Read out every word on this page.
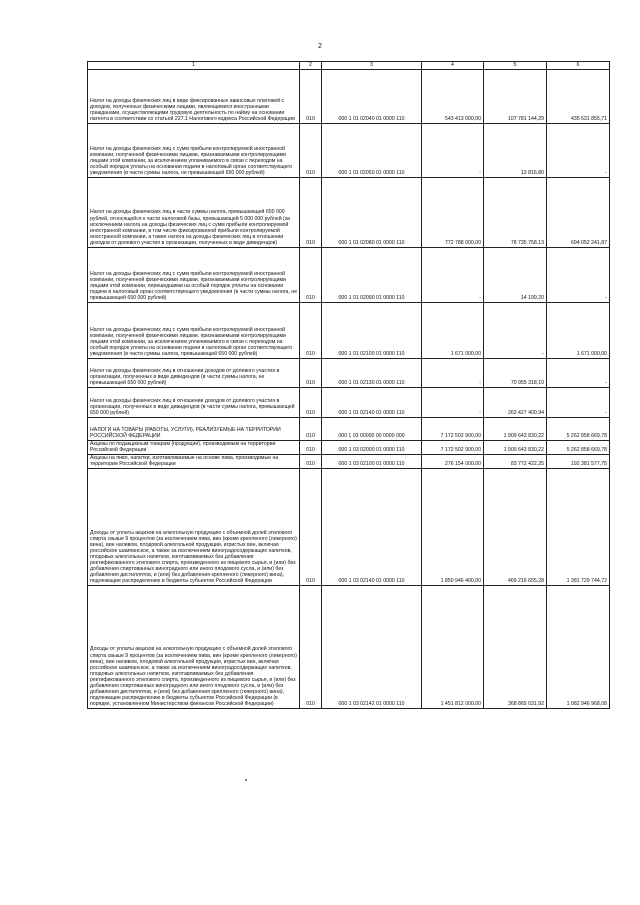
2
1	2	3	4	5	6
Налог на доходы физических лиц в виде фиксированных авансовых платежей с доходов, полученных физическими лицами, являющимися иностранными гражданами, осуществляющими трудовую деятельность по найму на основании патента в соответствии со статьей 227.1 Налогового кодекса Российской Федерации	010	000 1 01 02040 01 0000 110	543 413 000,00	107 781 144,29	435 631 855,71
Налог на доходы физических лиц с сумм прибыли контролируемой иностранной компании, полученной физическими лицами, признаваемыми контролирующими лицами этой компании, за исключением уплачиваемого в связи с переходом на особый порядок уплаты на основании подачи в налоговый орган соответствующего уведомления (в части суммы налога, не превышающей 650 000 рублей)	010	000 1 01 02050 01 0000 110	-	13 816,80	-
Налог на доходы физических лиц в части суммы налога, превышающей 650 000 рублей, относящейся к части налоговой базы, превышающей 5 000 000 рублей (за исключением налога на доходы физических лиц с сумм прибыли контролируемой иностранной компании, в том числе фиксированной прибыли контролируемой иностранной компании, а также налога на доходы физических лиц в отношении доходов от долевого участия в организации, полученных в виде дивидендов)	010	000 1 01 02080 01 0000 110	772 788 000,00	78 735 758,13	694 052 241,87
Налог на доходы физических лиц с сумм прибыли контролируемой иностранной компании, полученной физическими лицами, признаваемыми контролирующими лицами этой компании, перешедшими на особый порядок уплаты на основании подачи в налоговый орган соответствующего уведомления (в части суммы налога, не превышающей 650 000 рублей)	010	000 1 01 02090 01 0000 110	-	14 199,20	-
Налог на доходы физических лиц с сумм прибыли контролируемой иностранной компании, полученной физическими лицами, признаваемыми контролирующими лицами этой компании, за исключением уплачиваемого в связи с переходом на особый порядок уплаты на основании подачи в налоговый орган соответствующего уведомления (в части суммы налога, превышающей 650 000 рублей)	010	000 1 01 02100 01 0000 110	1 671 000,00	-	1 671 000,00
Налог на доходы физических лиц в отношении доходов от долевого участия в организации, полученных в виде дивидендов (в части суммы налога, не превышающей 650 000 рублей)	010	000 1 01 02130 01 0000 110	-	70 955 318,10	-
Налог на доходы физических лиц в отношении доходов от долевого участия в организации, полученных в виде дивидендов (в части суммы налога, превышающей 650 000 рублей)	010	000 1 01 02140 01 0000 110	-	263 427 400,94	-
НАЛОГИ НА ТОВАРЫ (РАБОТЫ, УСЛУГИ), РЕАЛИЗУЕМЫЕ НА ТЕРРИТОРИИ РОССИЙСКОЙ ФЕДЕРАЦИИ	010	000 1 03 00000 00 0000 000	7 172 502 900,00	1 909 643 830,22	5 262 858 669,78
Акцизы по подакцизным товарам (продукции), производимым на территории Российской Федерации	010	000 1 03 02000 01 0000 110	7 172 502 900,00	1 909 643 830,22	5 262 858 669,78
Акцизы на пиво, напитки, изготавливаемые на основе пива, производимые на территории Российской Федерации	010	000 1 03 02100 01 0000 110	276 154 000,00	83 772 422,25	192 381 577,75
Доходы от уплаты акцизов на алкогольную продукцию с объемной долей этилового спирта свыше 9 процентов (за исключением пива, вин (кроме крепленого (ликерного) вина), вин наливом, плодовой алкогольной продукции, игристых вин, включая российское шампанское, а также за исключением виноградосодержащих напитков, плодовых алкогольных напитков, изготавливаемых без добавления ректификованного этилового спирта, произведенного из пищевого сырья, и (или) без добавления спиртованных виноградного или иного плодового сусла, и (или) без добавления дистиллятов, и (или) без добавления крепленого (ликерного) вина), подлежащие распределению в бюджеты субъектов Российской Федерации	010	000 1 03 02140 01 0000 110	1 850 946 400,00	469 216 655,28	1 381 729 744,72
Доходы от уплаты акцизов на алкогольную продукцию с объемной долей этилового спирта свыше 9 процентов (за исключением пива, вин (кроме крепленого (ликерного) вина), вин наливом, плодовой алкогольной продукции, игристых вин, включая российское шампанское, а также за исключением виноградосодержащих напитков, плодовых алкогольных напитков, изготавливаемых без добавления ректификованного этилового спирта, произведенного из пищевого сырья, и (или) без добавления спиртованных виноградного или иного плодового сусла, и (или) без добавления дистиллятов, и (или) без добавления крепленого (ликерного) вина), подлежащие распределению в бюджеты субъектов Российской Федерации (в порядке, установленном Министерством финансов Российской Федерации)	010	000 1 03 02142 01 0000 110	1 451 812 000,00	368 865 031,92	1 082 946 968,08
